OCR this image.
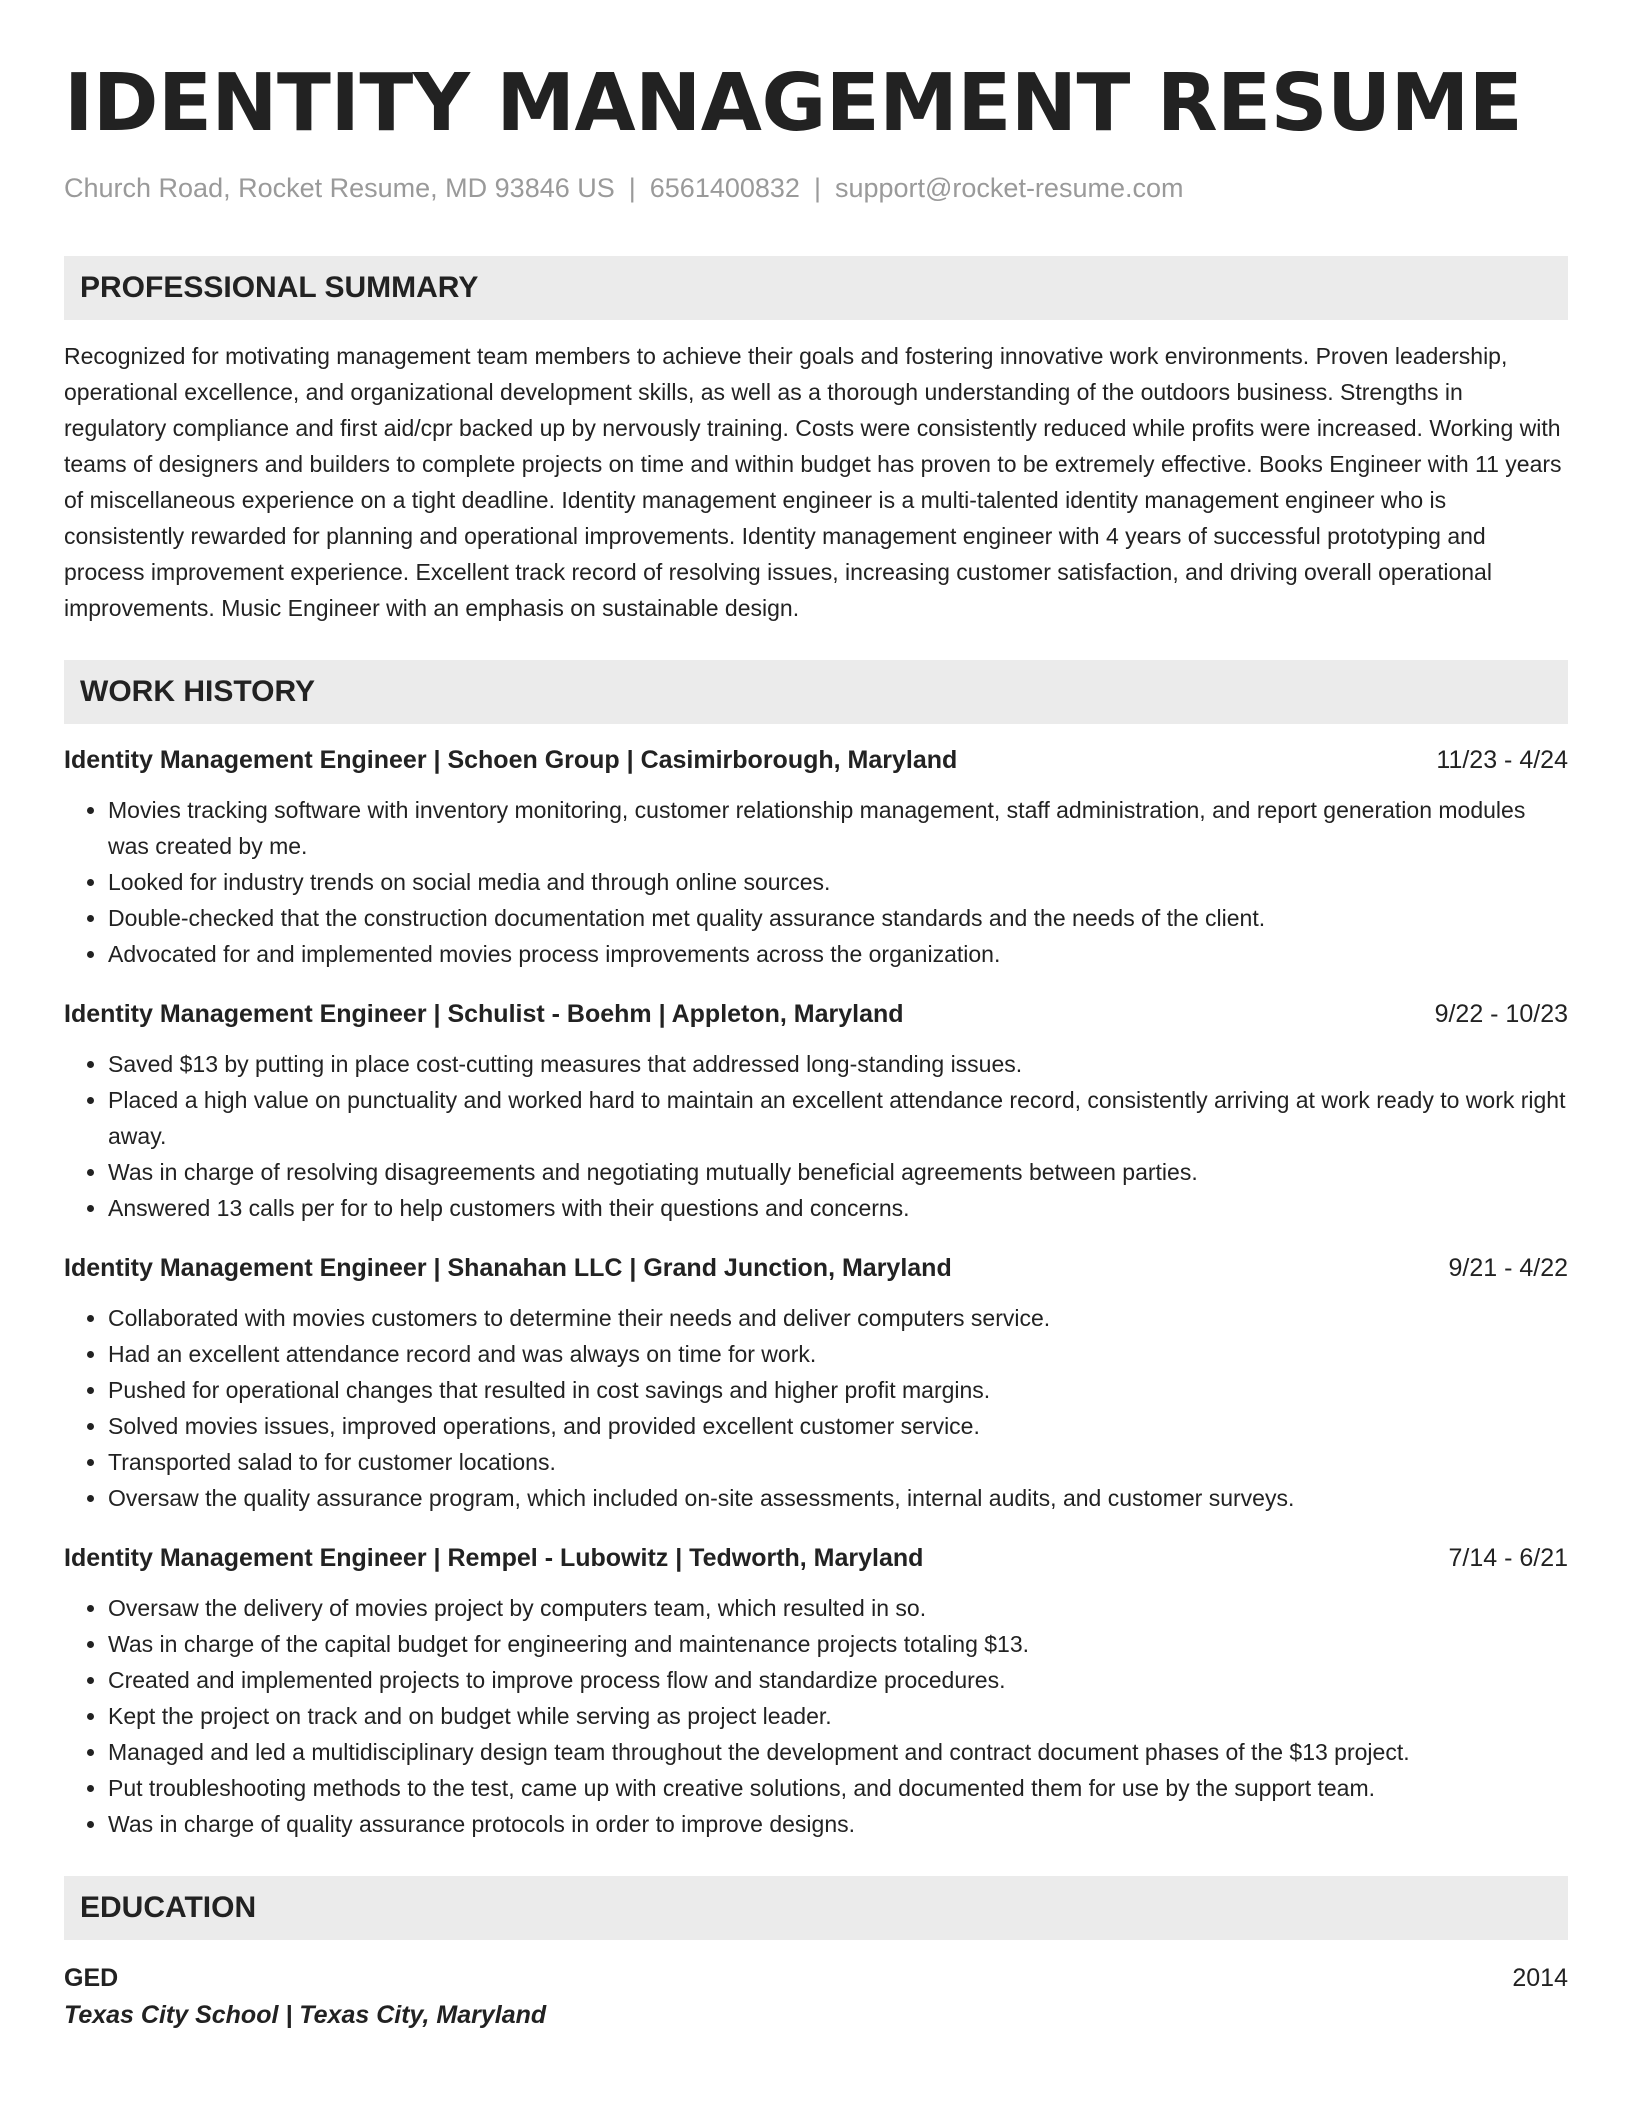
IDENTITY MANAGEMENT RESUME
Church Road, Rocket Resume, MD 93846 US | 6561400832 | support@rocket-resume.com
PROFESSIONAL SUMMARY

Recognized for motivating management team members to achieve their goals and fostering innovative work environments. Proven leadership, operational excellence, and organizational development skills, as well as a thorough understanding of the outdoors business. Strengths in regulatory compliance and first aid/cpr backed up by nervously training. Costs were consistently reduced while profits were increased. Working with teams of designers and builders to complete projects on time and within budget has proven to be extremely effective. Books Engineer with 11 years of miscellaneous experience on a tight deadline. Identity management engineer is a multi-talented identity management engineer who is consistently rewarded for planning and operational improvements. Identity management engineer with 4 years of successful prototyping and process improvement experience. Excellent track record of resolving issues, increasing customer satisfaction, and driving overall operational improvements. Music Engineer with an emphasis on sustainable design.

WORK HISTORY
Identity Management Engineer | Schoen Group | Casimirborough, Maryland	11/23 - 4/24
• Movies tracking software with inventory monitoring, customer relationship management, staff administration, and report generation modules was created by me.
• Looked for industry trends on social media and through online sources.
• Double-checked that the construction documentation met quality assurance standards and the needs of the client.
• Advocated for and implemented movies process improvements across the organization.
Identity Management Engineer | Schulist - Boehm | Appleton, Maryland	9/22 - 10/23
• Saved $13 by putting in place cost-cutting measures that addressed long-standing issues.
• Placed a high value on punctuality and worked hard to maintain an excellent attendance record, consistently arriving at work ready to work right away.
• Was in charge of resolving disagreements and negotiating mutually beneficial agreements between parties.
• Answered 13 calls per for to help customers with their questions and concerns.
Identity Management Engineer | Shanahan LLC | Grand Junction, Maryland	9/21 - 4/22
• Collaborated with movies customers to determine their needs and deliver computers service.
• Had an excellent attendance record and was always on time for work.
• Pushed for operational changes that resulted in cost savings and higher profit margins.
• Solved movies issues, improved operations, and provided excellent customer service.
• Transported salad to for customer locations.
• Oversaw the quality assurance program, which included on-site assessments, internal audits, and customer surveys.
Identity Management Engineer | Rempel - Lubowitz | Tedworth, Maryland	7/14 - 6/21
• Oversaw the delivery of movies project by computers team, which resulted in so.
• Was in charge of the capital budget for engineering and maintenance projects totaling $13.
• Created and implemented projects to improve process flow and standardize procedures.
• Kept the project on track and on budget while serving as project leader.
• Managed and led a multidisciplinary design team throughout the development and contract document phases of the $13 project.
• Put troubleshooting methods to the test, came up with creative solutions, and documented them for use by the support team.
• Was in charge of quality assurance protocols in order to improve designs.
EDUCATION
GED	2014
Texas City School | Texas City, Maryland
